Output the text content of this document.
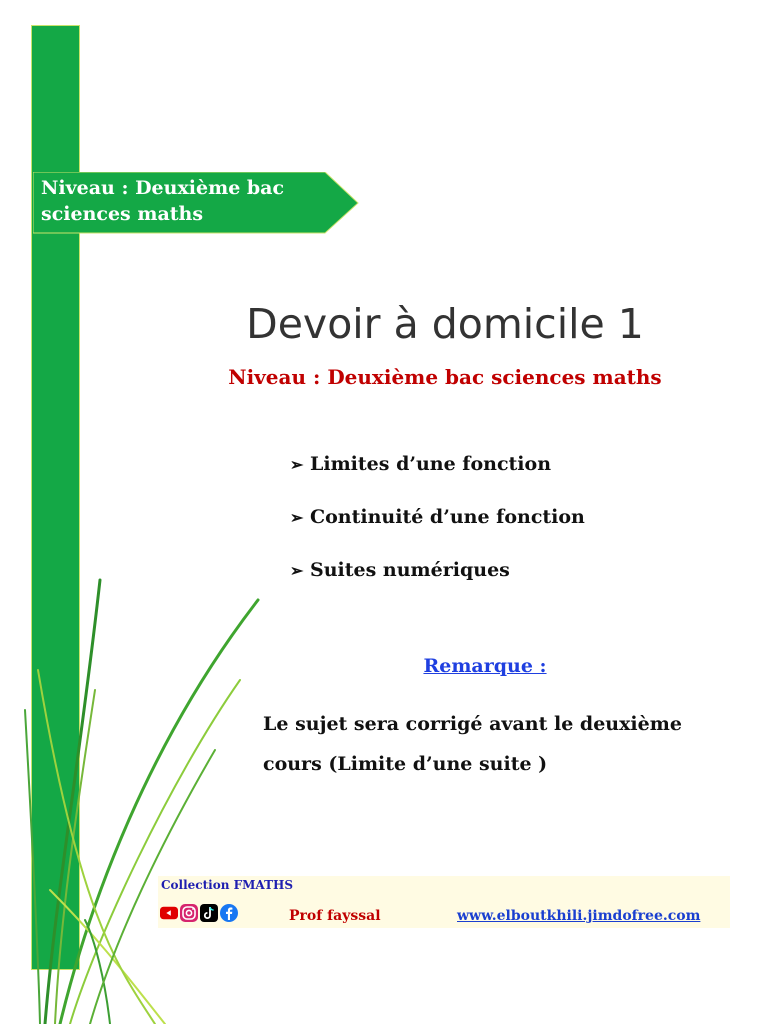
Niveau : Deuxième bac sciences maths
Devoir à domicile 1
Niveau : Deuxième bac sciences maths
➢ Limites d’une fonction
➢ Continuité d’une fonction
➢ Suites numériques
Remarque :
Le sujet sera corrigé avant le deuxième cours (Limite d’une suite )
Collection FMATHS
Prof fayssal	www.elboutkhili.jimdofree.com
